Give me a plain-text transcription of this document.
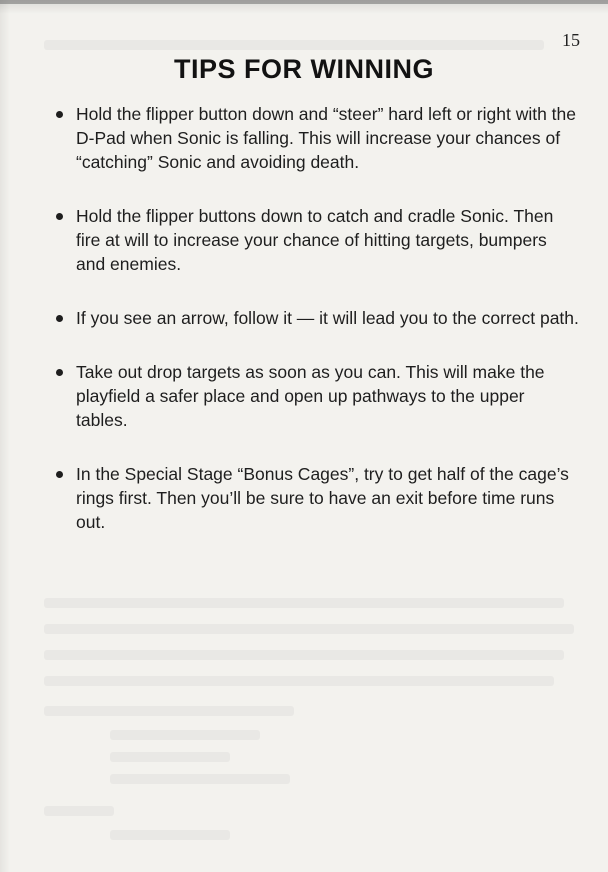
15
TIPS FOR WINNING
Hold the flipper button down and “steer” hard left or right with the D-Pad when Sonic is falling. This will increase your chances of “catching” Sonic and avoiding death.
Hold the flipper buttons down to catch and cradle Sonic. Then fire at will to increase your chance of hitting targets, bumpers and enemies.
If you see an arrow, follow it — it will lead you to the correct path.
Take out drop targets as soon as you can. This will make the playfield a safer place and open up pathways to the upper tables.
In the Special Stage “Bonus Cages”, try to get half of the cage’s rings first. Then you’ll be sure to have an exit before time runs out.
